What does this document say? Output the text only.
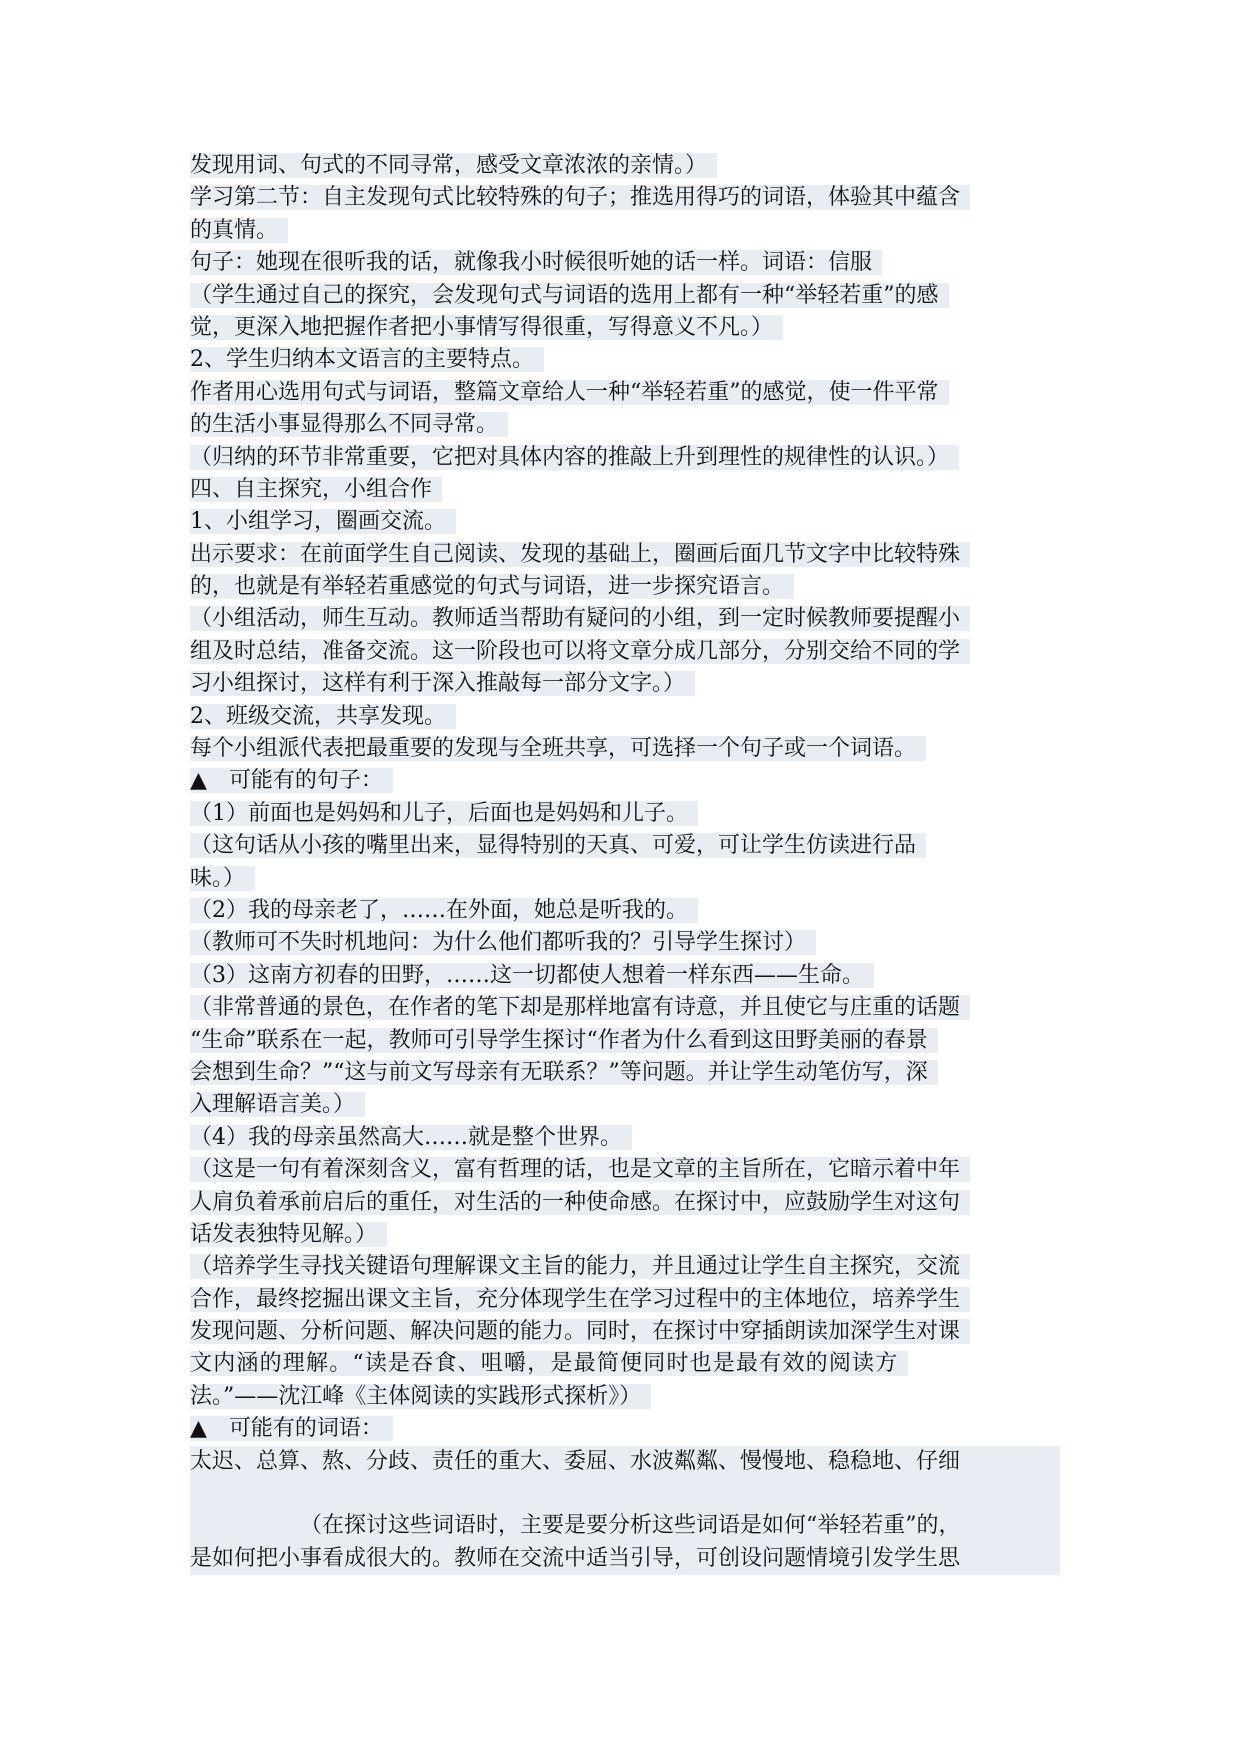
发现用词、句式的不同寻常，感受文章浓浓的亲情。）
学习第二节：自主发现句式比较特殊的句子；推选用得巧的词语，体验其中蕴含
的真情。
句子：她现在很听我的话，就像我小时候很听她的话一样。词语：信服
（学生通过自己的探究，会发现句式与词语的选用上都有一种“举轻若重”的感
觉，更深入地把握作者把小事情写得很重，写得意义不凡。）
2、学生归纳本文语言的主要特点。
作者用心选用句式与词语，整篇文章给人一种“举轻若重”的感觉，使一件平常
的生活小事显得那么不同寻常。
（归纳的环节非常重要，它把对具体内容的推敲上升到理性的规律性的认识。）
四、自主探究，小组合作
1、小组学习，圈画交流。
出示要求：在前面学生自己阅读、发现的基础上，圈画后面几节文字中比较特殊
的，也就是有举轻若重感觉的句式与词语，进一步探究语言。
（小组活动，师生互动。教师适当帮助有疑问的小组，到一定时候教师要提醒小
组及时总结，准备交流。这一阶段也可以将文章分成几部分，分别交给不同的学
习小组探讨，这样有利于深入推敲每一部分文字。）
2、班级交流，共享发现。
每个小组派代表把最重要的发现与全班共享，可选择一个句子或一个词语。
▲　可能有的句子：
（1）前面也是妈妈和儿子，后面也是妈妈和儿子。
（这句话从小孩的嘴里出来，显得特别的天真、可爱，可让学生仿读进行品
味。）
（2）我的母亲老了，……在外面，她总是听我的。
（教师可不失时机地问：为什么他们都听我的？引导学生探讨）
（3）这南方初春的田野，……这一切都使人想着一样东西——生命。
（非常普通的景色，在作者的笔下却是那样地富有诗意，并且使它与庄重的话题
“生命”联系在一起，教师可引导学生探讨“作者为什么看到这田野美丽的春景
会想到生命？”“这与前文写母亲有无联系？”等问题。并让学生动笔仿写，深
入理解语言美。）
（4）我的母亲虽然高大……就是整个世界。
（这是一句有着深刻含义，富有哲理的话，也是文章的主旨所在，它暗示着中年
人肩负着承前启后的重任，对生活的一种使命感。在探讨中，应鼓励学生对这句
话发表独特见解。）
（培养学生寻找关键语句理解课文主旨的能力，并且通过让学生自主探究，交流
合作，最终挖掘出课文主旨，充分体现学生在学习过程中的主体地位，培养学生
发现问题、分析问题、解决问题的能力。同时，在探讨中穿插朗读加深学生对课
文内涵的理解。“读是吞食、咀嚼，是最简便同时也是最有效的阅读方
法。”——沈江峰《主体阅读的实践形式探析》）
▲　可能有的词语：
太迟、总算、熬、分歧、责任的重大、委屈、水波粼粼、慢慢地、稳稳地、仔细
（在探讨这些词语时，主要是要分析这些词语是如何“举轻若重”的，
是如何把小事看成很大的。教师在交流中适当引导，可创设问题情境引发学生思
